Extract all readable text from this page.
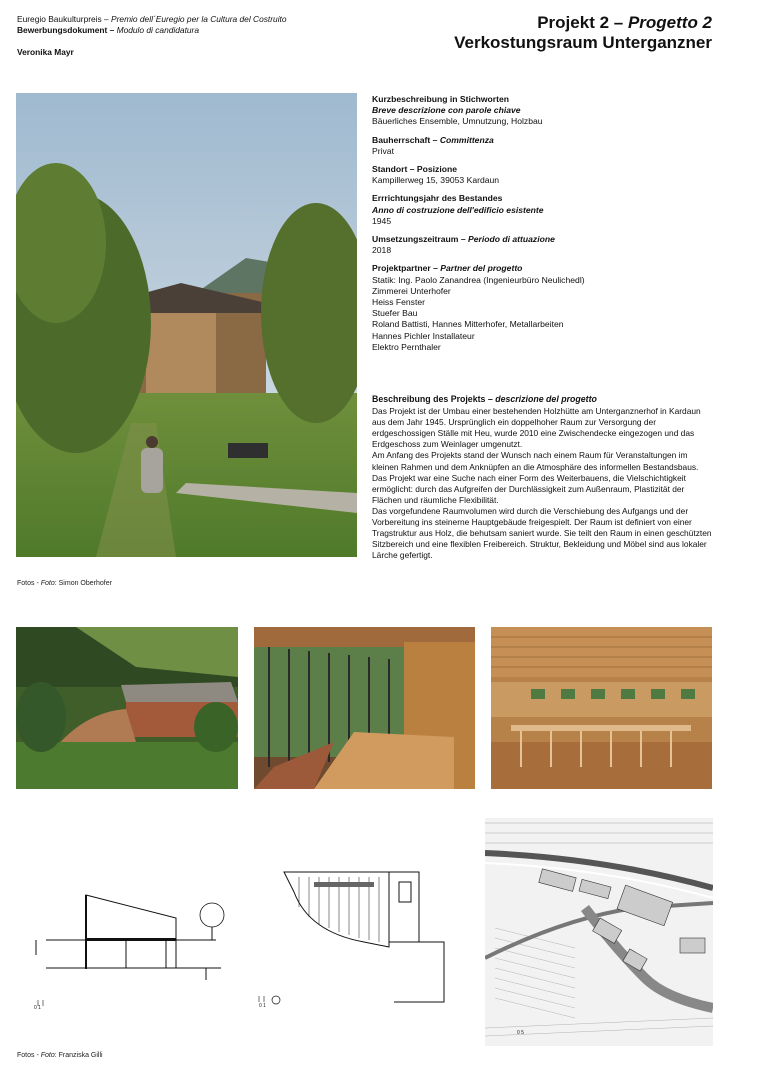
Euregio Baukulturpreis – Premio dell´Euregio per la Cultura del Costruito
Bewerbungsdokument – Modulo di candidatura
Veronika Mayr
Projekt 2 – Progetto 2
Verkostungsraum Unterganzner
Fotos - Foto: Simon Oberhofer
Kurzbeschreibung in Stichworten
Breve descrizione con parole chiave
Bäuerliches Ensemble, Umnutzung, Holzbau
Bauherrschaft – Committenza
Privat
Standort – Posizione
Kampillerweg 15, 39053 Kardaun
Errrichtungsjahr des Bestandes
Anno di costruzione dell'edificio esistente
1945
Umsetzungszeitraum – Periodo di attuazione
2018
Projektpartner – Partner del progetto
Statik: Ing. Paolo Zanandrea (Ingenieurbüro Neulichedl)
Zimmerei Unterhofer
Heiss Fenster
Stuefer Bau
Roland Battisti, Hannes Mitterhofer, Metallarbeiten
Hannes Pichler Installateur
Elektro Pernthaler
Beschreibung des Projekts – descrizione del progetto
Das Projekt ist der Umbau einer bestehenden Holzhütte am Unterganznerhof in Kardaun aus dem Jahr 1945. Ursprünglich ein doppelhoher Raum zur Versorgung der erdgeschossigen Ställe mit Heu, wurde 2010 eine Zwischendecke eingezogen und das Erdgeschoss zum Weinlager umgenutzt.
Am Anfang des Projekts stand der Wunsch nach einem Raum für Veranstaltungen im kleinen Rahmen und dem Anknüpfen an die Atmosphäre des informellen Bestandsbaus.
Das Projekt war eine Suche nach einer Form des Weiterbauens, die Vielschichtigkeit ermöglicht: durch das Aufgreifen der Durchlässigkeit zum Außenraum, Plastizität der Flächen und räumliche Flexibilität.
Das vorgefundene Raumvolumen wird durch die Verschiebung des Aufgangs und der Vorbereitung ins steinerne Hauptgebäude freigespielt. Der Raum ist definiert von einer Tragstruktur aus Holz, die behutsam saniert wurde. Sie teilt den Raum in einen geschützten Sitzbereich und eine flexiblen Freibereich. Struktur, Bekleidung und Möbel sind aus lokaler Lärche gefertigt.
0 1	0 1
0 5
Fotos - Foto: Franziska Gilli
